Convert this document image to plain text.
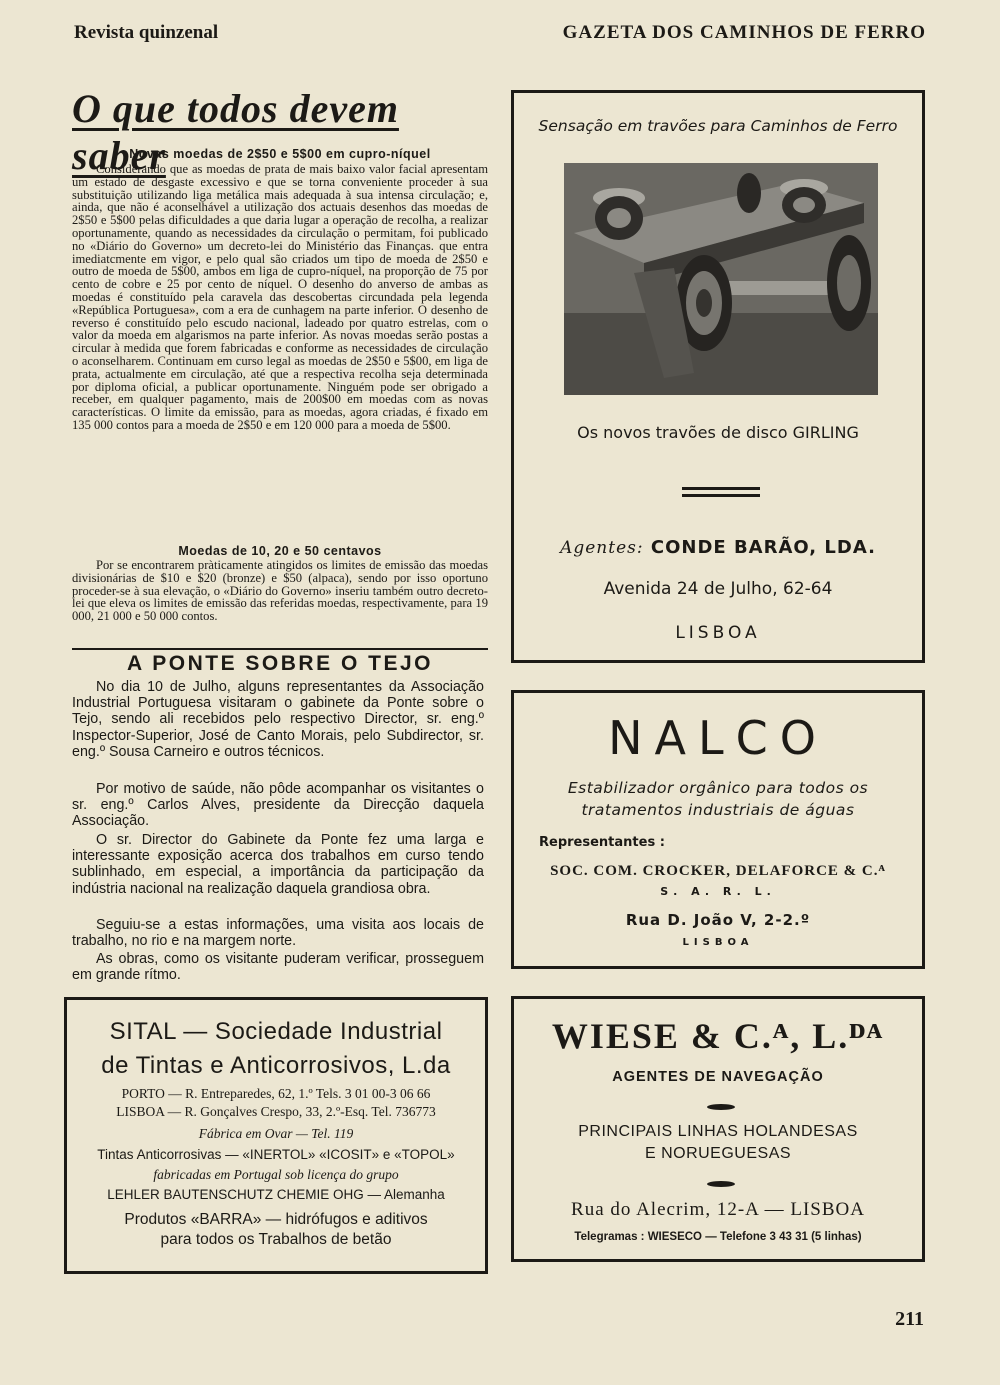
Revista quinzenal	GAZETA DOS CAMINHOS DE FERRO
O que todos devem saber
Novas moedas de 2$50 e 5$00 em cupro-níquel

Considerando que as moedas de prata de mais baixo valor facial apresentam um estado de desgaste excessivo e que se torna conveniente proceder à sua substituição utilizando liga metálica mais adequada à sua intensa circulação; e, ainda, que não é aconselhável a utilização dos actuais desenhos das moedas de 2$50 e 5$00 pelas dificuldades a que daria lugar a operação de recolha, a realizar oportunamente, quando as necessidades da circulação o permitam, foi publicado no «Diário do Governo» um decreto-lei do Ministério das Finanças. que entra imediatcmente em vigor, e pelo qual são criados um tipo de moeda de 2$50 e outro de moeda de 5$00, ambos em liga de cupro-níquel, na proporção de 75 por cento de cobre e 25 por cento de níquel. O desenho do anverso de ambas as moedas é constituído pela caravela das descobertas circundada pela legenda «República Portuguesa», com a era de cunhagem na parte inferior. O desenho de reverso é constituído pelo escudo nacional, ladeado por quatro estrelas, com o valor da moeda em algarismos na parte inferior. As novas moedas serão postas a circular à medida que forem fabricadas e conforme as necessidades de circulação o aconselharem. Continuam em curso legal as moedas de 2$50 e 5$00, em liga de prata, actualmente em circulação, até que a respectiva recolha seja determinada por diploma oficial, a publicar oportunamente. Ninguém pode ser obrigado a receber, em qualquer pagamento, mais de 200$00 em moedas com as novas características. O limite da emissão, para as moedas, agora criadas, é fixado em 135 000 contos para a moeda de 2$50 e em 120 000 para a moeda de 5$00.

Moedas de 10, 20 e 50 centavos

Por se encontrarem pràticamente atingidos os limites de emissão das moedas divisionárias de $10 e $20 (bronze) e $50 (alpaca), sendo por isso oportuno proceder-se à sua elevação, o «Diário do Governo» inseriu também outro decreto-lei que eleva os limites de emissão das referidas moedas, respectivamente, para 19 000, 21 000 e 50 000 contos.

A PONTE SOBRE O TEJO

No dia 10 de Julho, alguns representantes da Associação Industrial Portuguesa visitaram o gabinete da Ponte sobre o Tejo, sendo ali recebidos pelo respectivo Director, sr. eng.º Inspector-Superior, José de Canto Morais, pelo Subdirector, sr. eng.º Sousa Carneiro e outros técnicos.

Por motivo de saúde, não pôde acompanhar os visitantes o sr. eng.º Carlos Alves, presidente da Direcção daquela Associação.

O sr. Director do Gabinete da Ponte fez uma larga e interessante exposição acerca dos trabalhos em curso tendo sublinhado, em especial, a importância da participação da indústria nacional na realização daquela grandiosa obra.

Seguiu-se a estas informações, uma visita aos locais de trabalho, no rio e na margem norte.

As obras, como os visitante puderam verificar, prosseguem em grande rítmo.

Sensação em travões para Caminhos de Ferro
Os novos travões de disco GIRLING
Agentes: CONDE BARÃO, LDA.
Avenida 24 de Julho, 62-64
LISBOA
NALCO
Estabilizador orgânico para todos os
tratamentos industriais de águas
Representantes :
SOC. COM. CROCKER, DELAFORCE & C.ᴬ
S. A. R. L.
Rua D. João V, 2-2.º
LISBOA
SITAL — Sociedade Industrial
de Tintas e Anticorrosivos, L.da
PORTO — R. Entreparedes, 62, 1.º Tels. 3 01 00-3 06 66
LISBOA — R. Gonçalves Crespo, 33, 2.º-Esq. Tel. 736773
Fábrica em Ovar — Tel. 119
Tintas Anticorrosivas — «INERTOL» «ICOSIT» e «TOPOL»
fabricadas em Portugal sob licença do grupo
LEHLER BAUTENSCHUTZ CHEMIE OHG — Alemanha
Produtos «BARRA» — hidrófugos e aditivos
para todos os Trabalhos de betão
WIESE & C.ᴬ, L.ᴰᴬ
AGENTES DE NAVEGAÇÃO
PRINCIPAIS LINHAS HOLANDESAS
E NORUEGUESAS
Rua do Alecrim, 12-A — LISBOA
Telegramas : WIESECO — Telefone 3 43 31 (5 linhas)
211
